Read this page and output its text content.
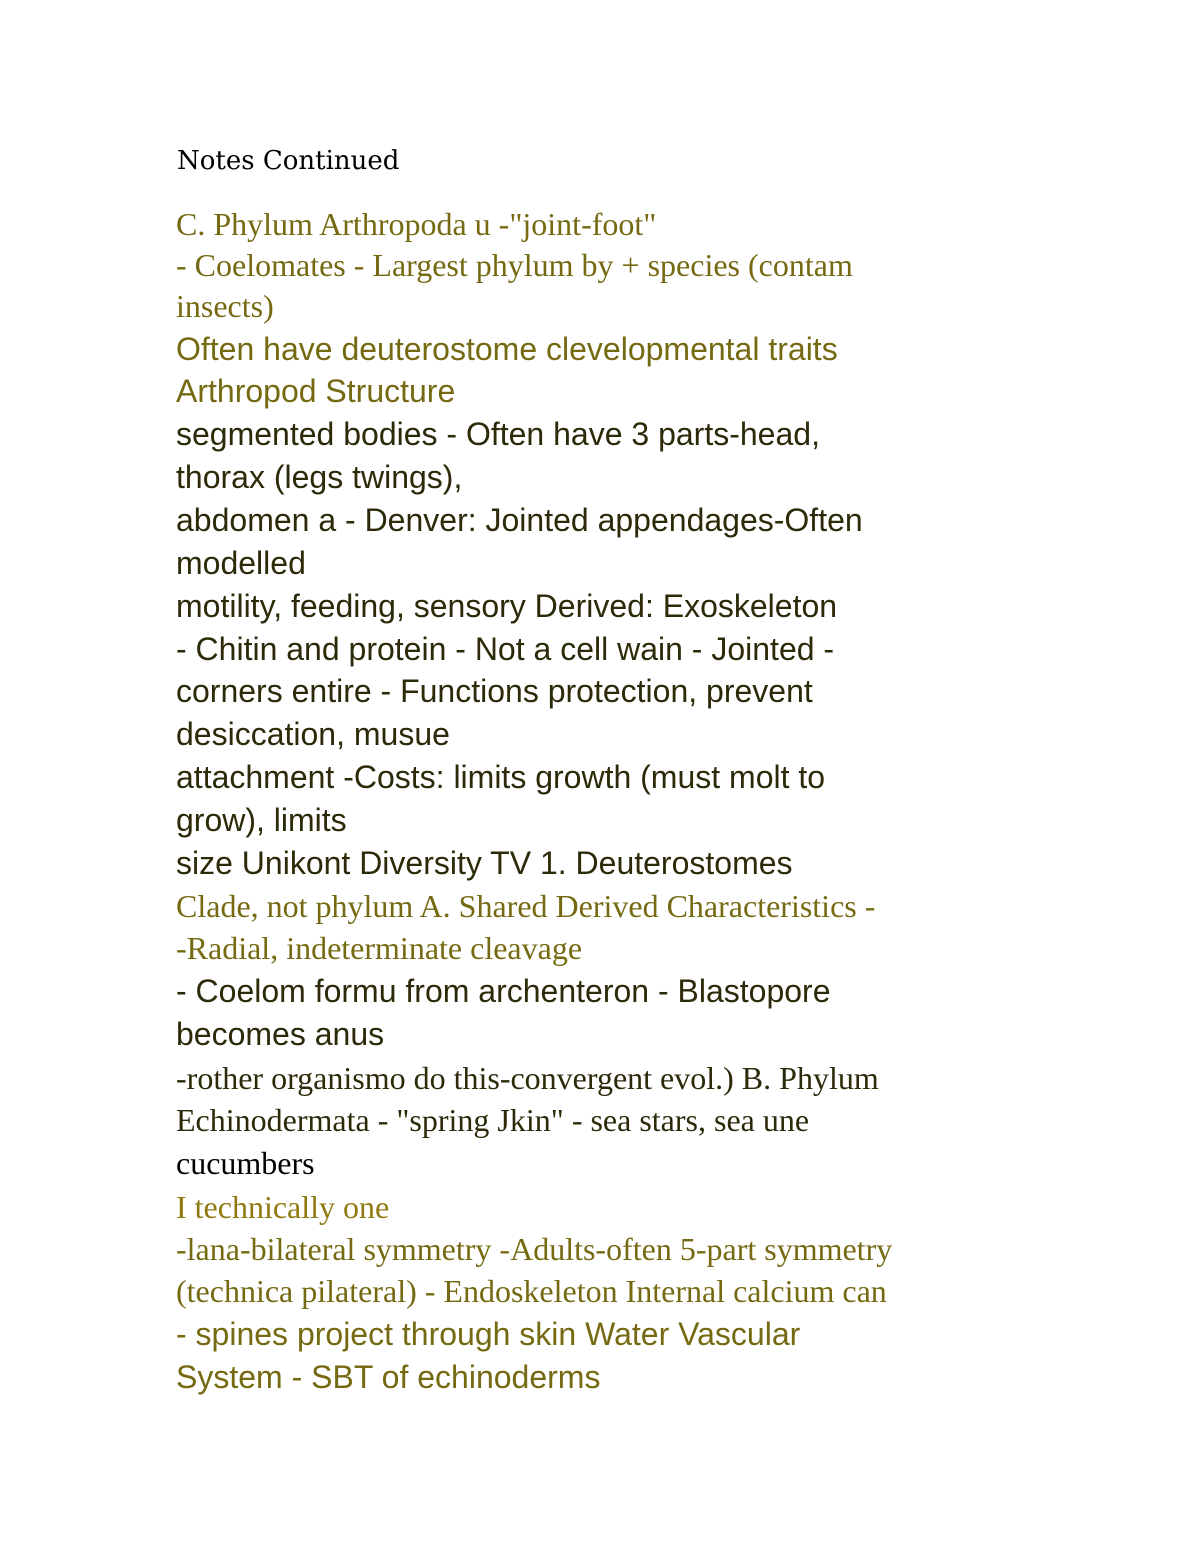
Notes Continued
C. Phylum Arthropoda u -"joint-foot"
- Coelomates - Largest phylum by + species (contam
insects)
Often have deuterostome clevelopmental traits
Arthropod Structure
segmented bodies - Often have 3 parts-head,
thorax (legs twings),
abdomen a - Denver: Jointed appendages-Often
modelled
motility, feeding, sensory Derived: Exoskeleton
- Chitin and protein - Not a cell wain - Jointed -
corners entire - Functions protection, prevent
desiccation, musue
attachment -Costs: limits growth (must molt to
grow), limits
size Unikont Diversity TV 1. Deuterostomes
Clade, not phylum A. Shared Derived Characteristics -
-Radial, indeterminate cleavage
- Coelom formu from archenteron - Blastopore
becomes anus
-rother organismo do this-convergent evol.) B. Phylum
Echinodermata - "spring Jkin" - sea stars, sea une
cucumbers
I technically one
-lana-bilateral symmetry -Adults-often 5-part symmetry
(technica pilateral) - Endoskeleton Internal calcium can
- spines project through skin Water Vascular
System - SBT of echinoderms
